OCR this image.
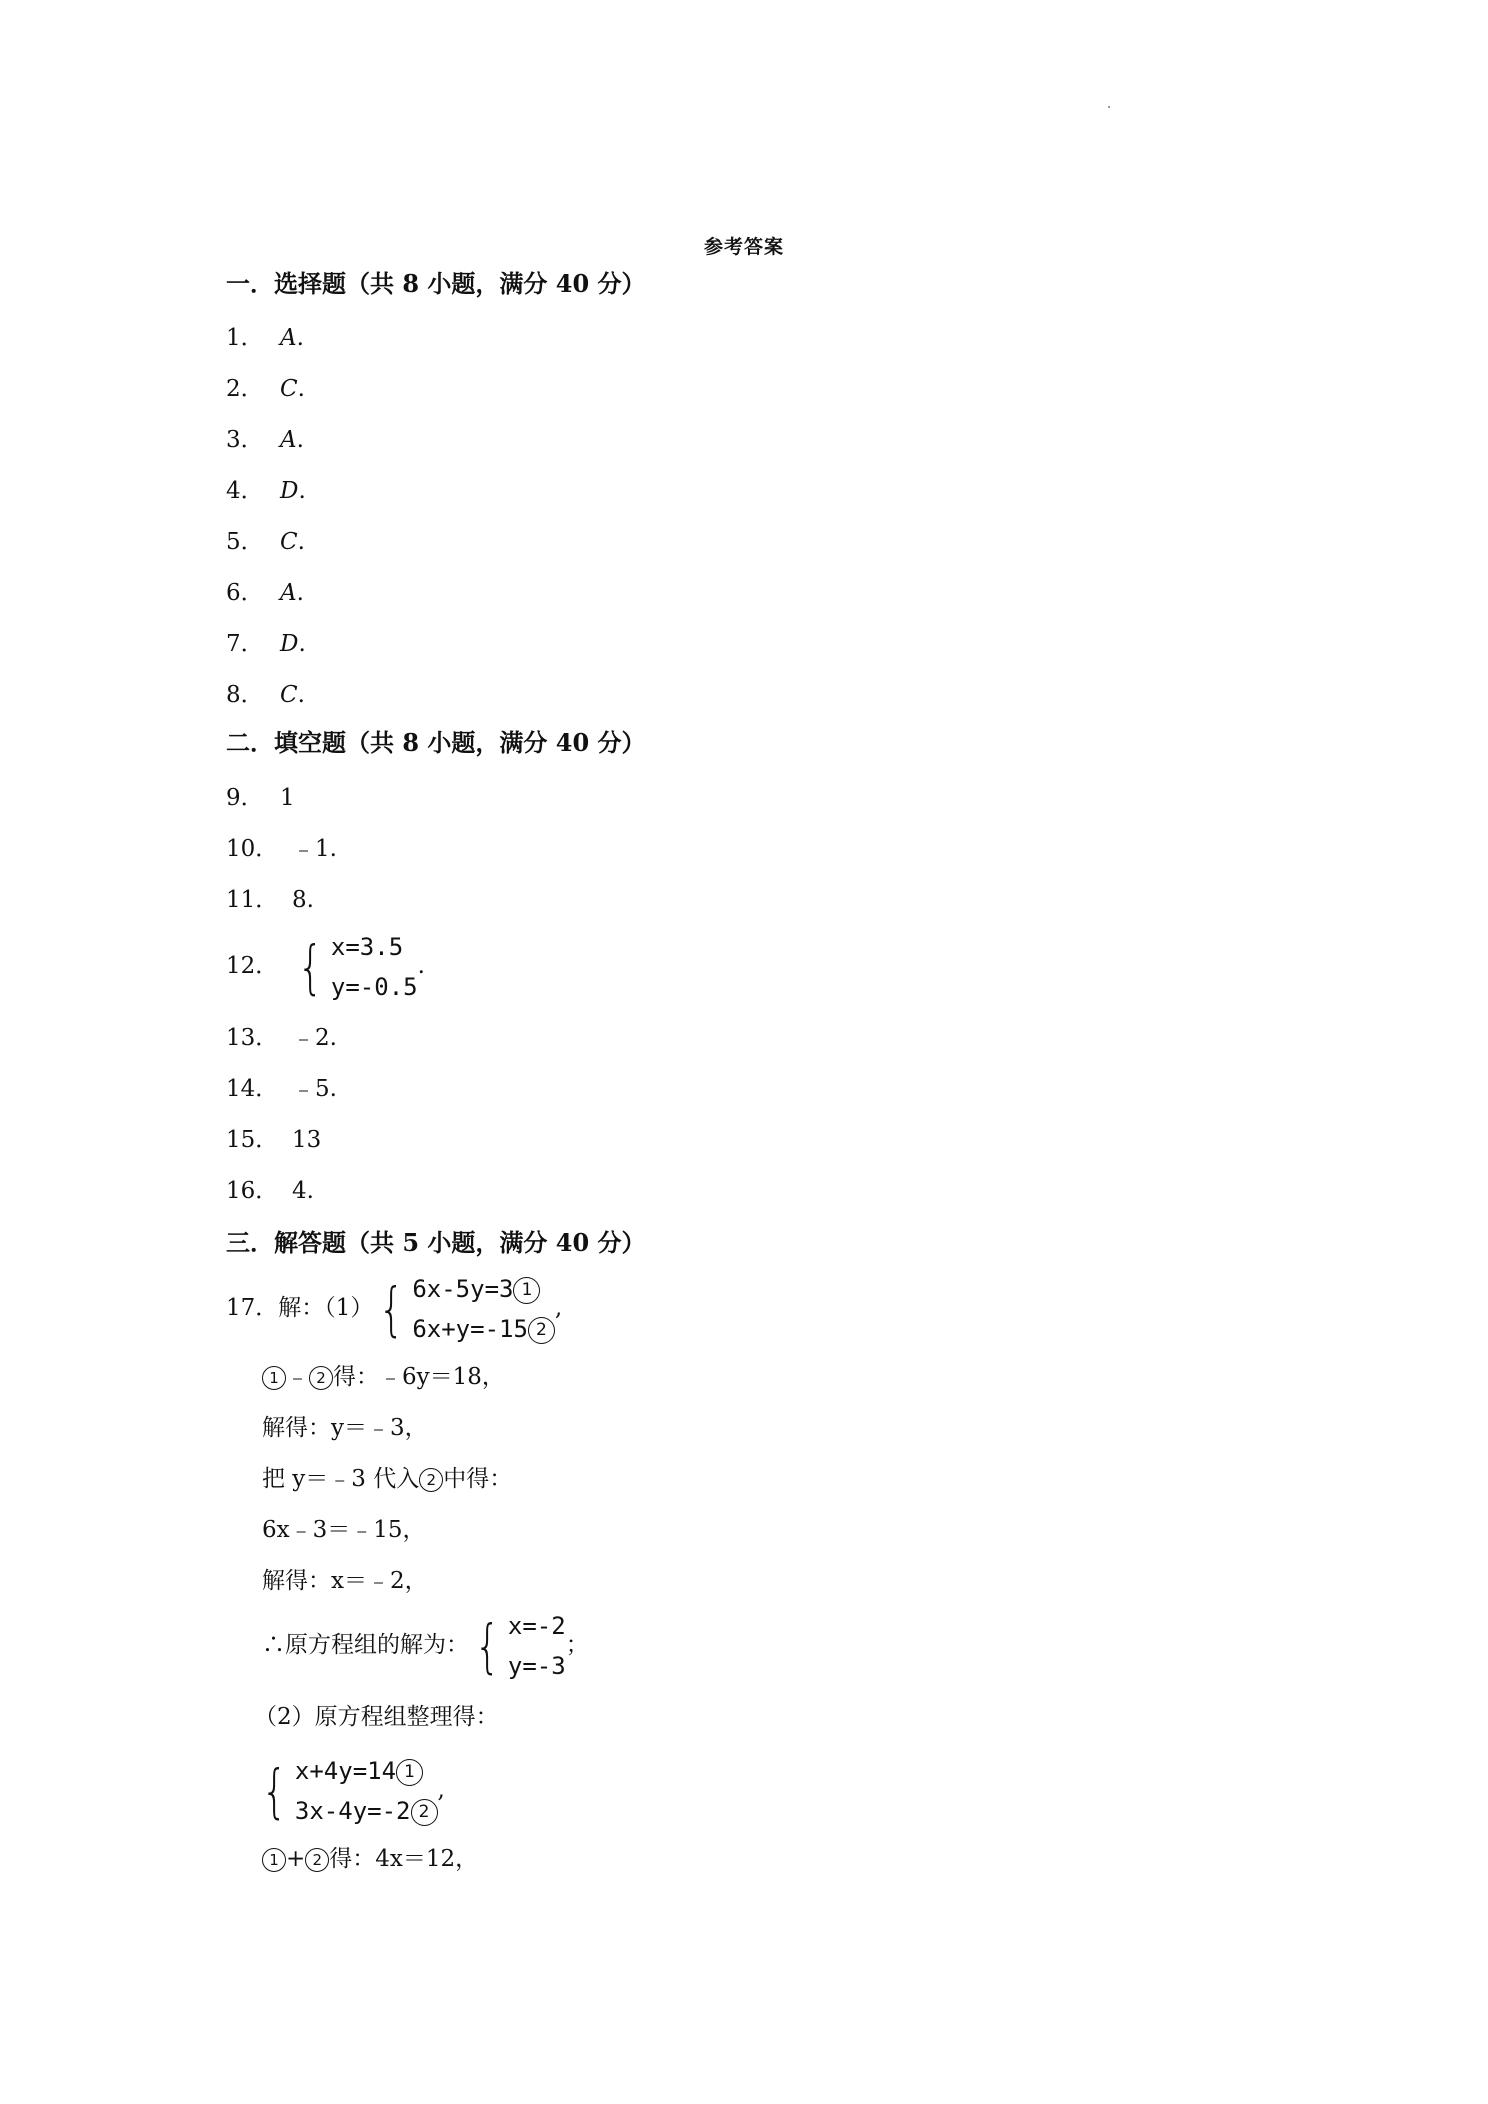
参考答案
一．选择题（共 8 小题，满分 40 分）
1． A.
2． C.
3． A.
4． D.
5． C.
6． A.
7． D.
8． C.
二．填空题（共 8 小题，满分 40 分）
9． 1
10． ﹣1.
11． 8.
12． { x=3.5
y=-0.5
.
13． ﹣2.
14． ﹣5.
15． 13
16． 4.
三．解答题（共 5 小题，满分 40 分）
17．解：（1） { 6x-5y=3 1
6x+y=-15 2
,
1 ﹣ 2 得：﹣6y＝18，
解得：y＝﹣3，
把 y＝﹣3 代入 2 中得：
6x﹣3＝﹣15，
解得：x＝﹣2，
∴原方程组的解为： { x=-2
y=-3
；
（2）原方程组整理得：
{ x+4y=14 1
3x-4y=-2 2
,
1 + 2 得：4x＝12，
